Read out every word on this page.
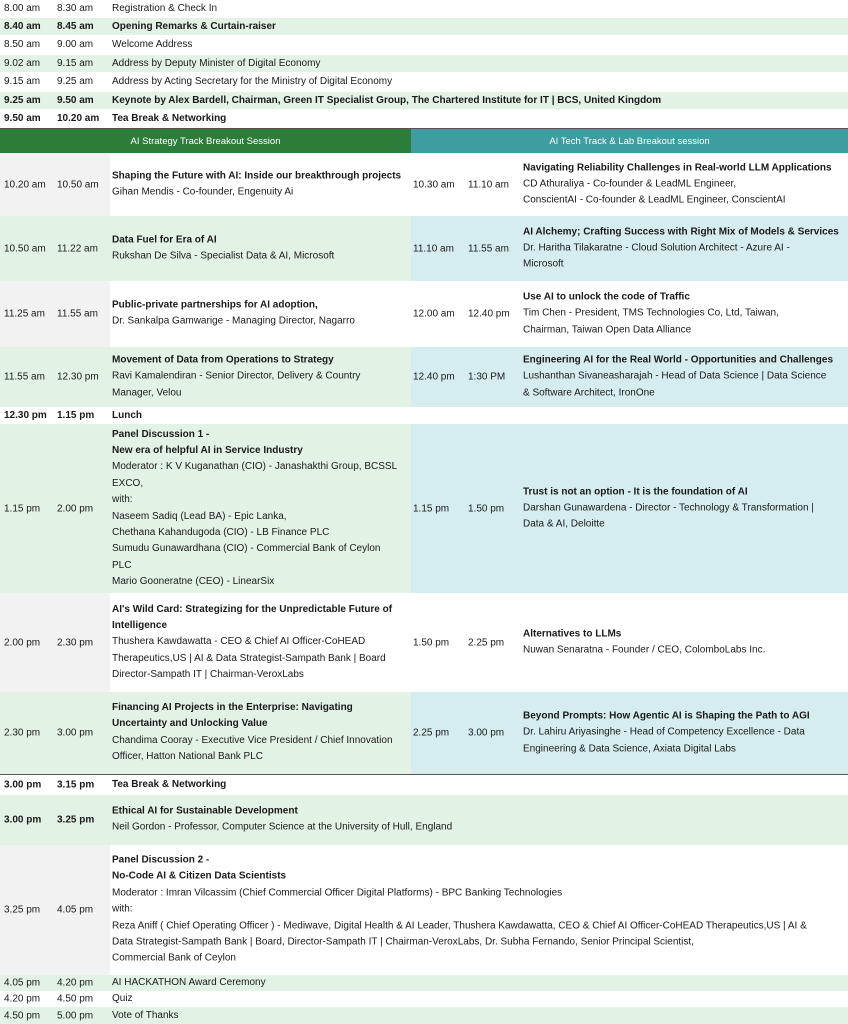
8.00 am 8.30 am Registration & Check In
8.40 am 8.45 am Opening Remarks & Curtain-raiser
8.50 am 9.00 am Welcome Address
9.02 am 9.15 am Address by Deputy Minister of Digital Economy
9.15 am 9.25 am Address by Acting Secretary for the Ministry of Digital Economy
9.25 am 9.50 am Keynote by Alex Bardell, Chairman, Green IT Specialist Group, The Chartered Institute for IT | BCS, United Kingdom
9.50 am 10.20 am Tea Break & Networking
AI Strategy Track Breakout Session	AI Tech Track & Lab Breakout session
10.20 am 10.50 am
Shaping the Future with AI: Inside our breakthrough projects
Gihan Mendis - Co-founder, Engenuity Ai
10.30 am 11.10 am
Navigating Reliability Challenges in Real-world LLM Applications
CD Athuraliya - Co-founder & LeadML Engineer,
ConscientAI - Co-founder & LeadML Engineer, ConscientAI
10.50 am 11.22 am
Data Fuel for Era of AI
Rukshan De Silva - Specialist Data & AI, Microsoft
11.10 am 11.55 am
AI Alchemy; Crafting Success with Right Mix of Models & Services
Dr. Haritha Tilakaratne - Cloud Solution Architect - Azure AI -
Microsoft
11.25 am 11.55 am
Public-private partnerships for AI adoption,
Dr. Sankalpa Gamwarige - Managing Director, Nagarro
12.00 am 12.40 pm
Use AI to unlock the code of Traffic
Tim Chen - President, TMS Technologies Co, Ltd, Taiwan,
Chairman, Taiwan Open Data Alliance
11.55 am 12.30 pm
Movement of Data from Operations to Strategy
Ravi Kamalendiran - Senior Director, Delivery & Country
Manager, Velou
12.40 pm 1:30 PM
Engineering AI for the Real World - Opportunities and Challenges
Lushanthan Sivaneasharajah - Head of Data Science | Data Science
& Software Architect, IronOne
12.30 pm 1.15 pm Lunch
1.15 pm 2.00 pm
Panel Discussion 1 -
New era of helpful AI in Service Industry
Moderator : K V Kuganathan (CIO) - Janashakthi Group, BCSSL
EXCO,
with:
Naseem Sadiq (Lead BA) - Epic Lanka,
Chethana Kahandugoda (CIO) - LB Finance PLC
Sumudu Gunawardhana (CIO) - Commercial Bank of Ceylon
PLC
Mario Gooneratne (CEO) - LinearSix
1.15 pm 1.50 pm
Trust is not an option - It is the foundation of AI
Darshan Gunawardena - Director - Technology & Transformation |
Data & AI, Deloitte
2.00 pm 2.30 pm
AI's Wild Card: Strategizing for the Unpredictable Future of
Intelligence
Thushera Kawdawatta - CEO & Chief AI Officer-CoHEAD
Therapeutics,US | AI & Data Strategist-Sampath Bank | Board
Director-Sampath IT | Chairman-VeroxLabs
1.50 pm 2.25 pm
Alternatives to LLMs
Nuwan Senaratna - Founder / CEO, ColomboLabs Inc.
2.30 pm 3.00 pm
Financing AI Projects in the Enterprise: Navigating
Uncertainty and Unlocking Value
Chandima Cooray - Executive Vice President / Chief Innovation
Officer, Hatton National Bank PLC
2.25 pm 3.00 pm
Beyond Prompts: How Agentic AI is Shaping the Path to AGI
Dr. Lahiru Ariyasinghe - Head of Competency Excellence - Data
Engineering & Data Science, Axiata Digital Labs
3.00 pm 3.15 pm Tea Break & Networking
3.00 pm 3.25 pm
Ethical AI for Sustainable Development
Neil Gordon - Professor, Computer Science at the University of Hull, England
3.25 pm 4.05 pm
Panel Discussion 2 -
No-Code AI & Citizen Data Scientists
Moderator : Imran Vilcassim (Chief Commercial Officer Digital Platforms) - BPC Banking Technologies
with:
Reza Aniff ( Chief Operating Officer ) - Mediwave, Digital Health & AI Leader, Thushera Kawdawatta, CEO & Chief AI Officer-CoHEAD Therapeutics,US | AI &
Data Strategist-Sampath Bank | Board, Director-Sampath IT | Chairman-VeroxLabs, Dr. Subha Fernando, Senior Principal Scientist,
Commercial Bank of Ceylon
4.05 pm 4.20 pm AI HACKATHON Award Ceremony
4.20 pm 4.50 pm Quiz
4.50 pm 5.00 pm Vote of Thanks
